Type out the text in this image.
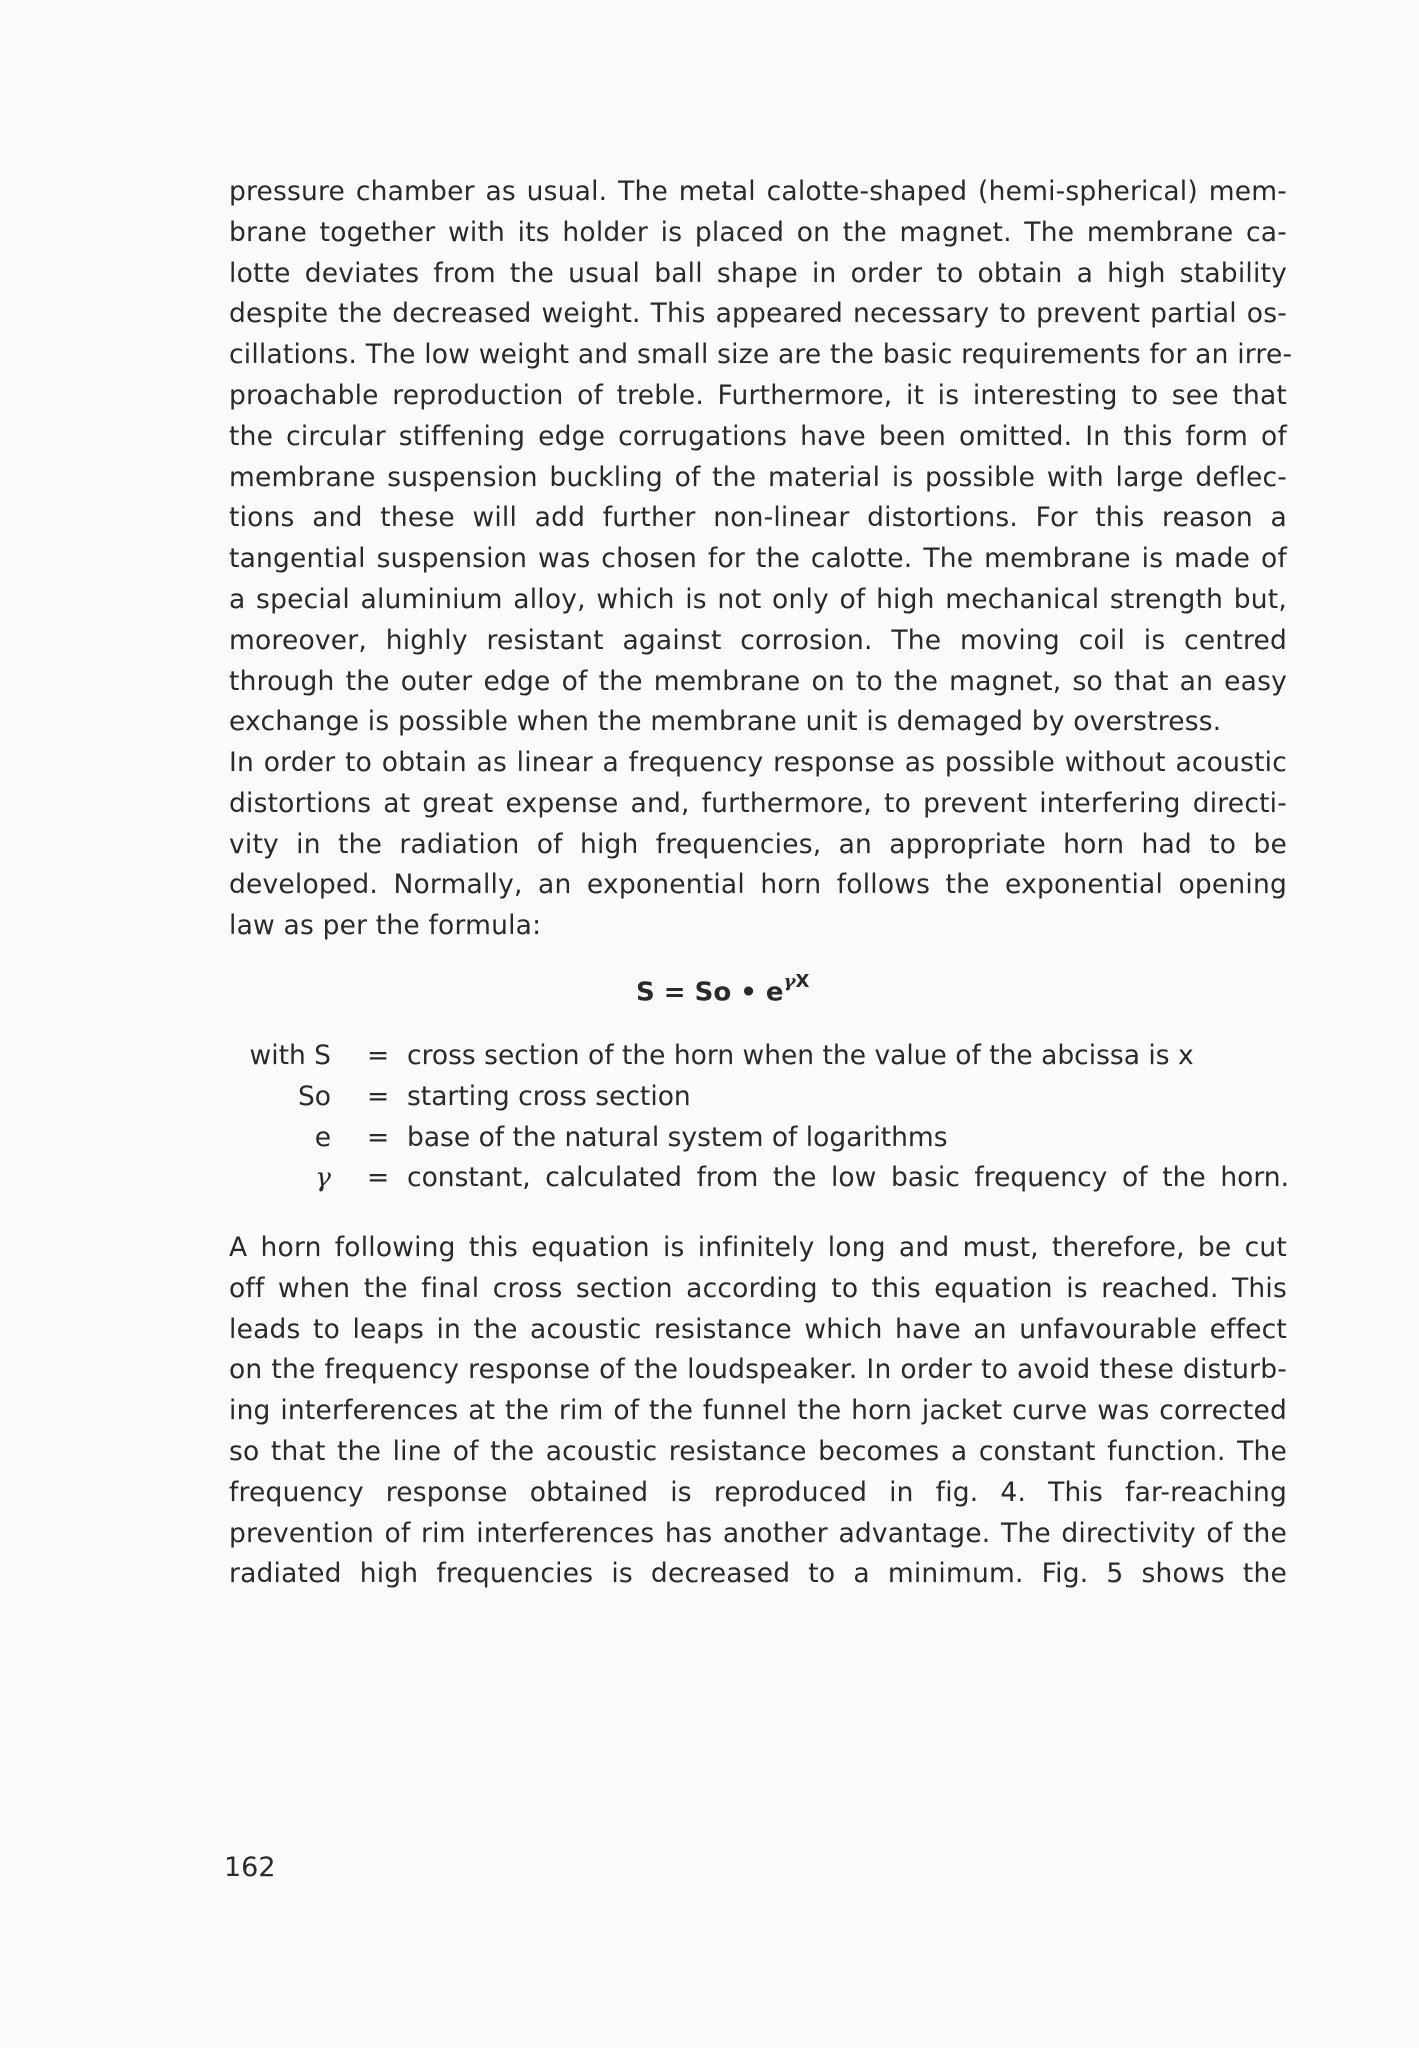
pressure chamber as usual. The metal calotte-shaped (hemi-spherical) mem-
brane together with its holder is placed on the magnet. The membrane ca-
lotte deviates from the usual ball shape in order to obtain a high stability
despite the decreased weight. This appeared necessary to prevent partial os-
cillations. The low weight and small size are the basic requirements for an irre-
proachable reproduction of treble. Furthermore, it is interesting to see that
the circular stiffening edge corrugations have been omitted. In this form of
membrane suspension buckling of the material is possible with large deflec-
tions and these will add further non-linear distortions. For this reason a
tangential suspension was chosen for the calotte. The membrane is made of
a special aluminium alloy, which is not only of high mechanical strength but,
moreover, highly resistant against corrosion. The moving coil is centred
through the outer edge of the membrane on to the magnet, so that an easy
exchange is possible when the membrane unit is demaged by overstress.
In order to obtain as linear a frequency response as possible without acoustic
distortions at great expense and, furthermore, to prevent interfering directi-
vity in the radiation of high frequencies, an appropriate horn had to be
developed. Normally, an exponential horn follows the exponential opening
law as per the formula:
S = So • $e^{\gamma X}$
with S = cross section of the horn when the value of the abcissa is x
So = starting cross section
e = base of the natural system of logarithms
γ = constant, calculated from the low basic frequency of the horn.
A horn following this equation is infinitely long and must, therefore, be cut
off when the final cross section according to this equation is reached. This
leads to leaps in the acoustic resistance which have an unfavourable effect
on the frequency response of the loudspeaker. In order to avoid these disturb-
ing interferences at the rim of the funnel the horn jacket curve was corrected
so that the line of the acoustic resistance becomes a constant function. The
frequency response obtained is reproduced in fig. 4. This far-reaching
prevention of rim interferences has another advantage. The directivity of the
radiated high frequencies is decreased to a minimum. Fig. 5 shows the
162
